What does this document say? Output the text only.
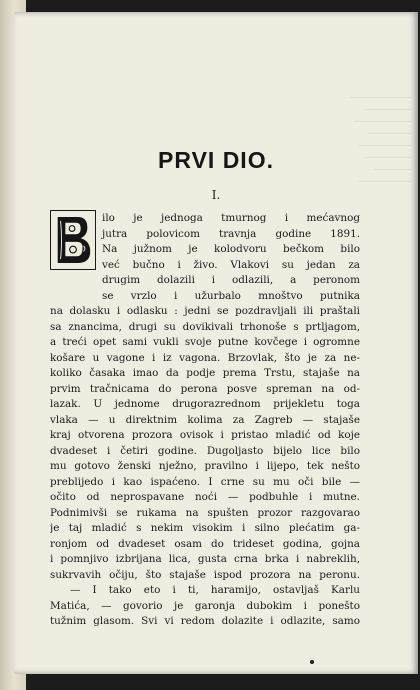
─────────────
──────────
────────────
─────────
───────────
──────────
────────
───────────
PRVI DIO.
I.
ilo je jednoga tmurnog i mećavnog
jutra polovicom travnja godine 1891.
Na južnom je kolodvoru bečkom bilo
već bučno i živo. Vlakovi su jedan za
drugim dolazili i odlazili, a peronom
se vrzlo i užurbalo mnoštvo putnika
na dolasku i odlasku : jedni se pozdravljali ili praštali
sa znancima, drugi su dovikivali trhonoše s prtljagom,
a treći opet sami vukli svoje putne kovčege i ogromne
košare u vagone i iz vagona. Brzovlak, što je za ne-
koliko časaka imao da podje prema Trstu, stajaše na
prvim tračnicama do perona posve spreman na od-
lazak. U jednome drugorazrednom prijekletu toga
vlaka — u direktnim kolima za Zagreb — stajaše
kraj otvorena prozora ovisok i pristao mladić od koje
dvadeset i četiri godine. Dugoljasto bijelo lice bilo
mu gotovo ženski nježno, pravilno i lijepo, tek nešto
preblijedo i kao ispaćeno. I crne su mu oči bile —
očito od neprospavane noći — podbuhle i mutne.
Podnimivši se rukama na spušten prozor razgovarao
je taj mladić s nekim visokim i silno plećatim ga-
ronjom od dvadeset osam do trideset godina, gojna
i pomnjivo izbrijana lica, gusta crna brka i nabreklih,
sukrvavih očiju, što stajaše ispod prozora na peronu.
— I tako eto i ti, haramijo, ostavljaš Karlu
Matića, — govorio je garonja dubokim i ponešto
tužnim glasom. Svi vi redom dolazite i odlazite, samo
